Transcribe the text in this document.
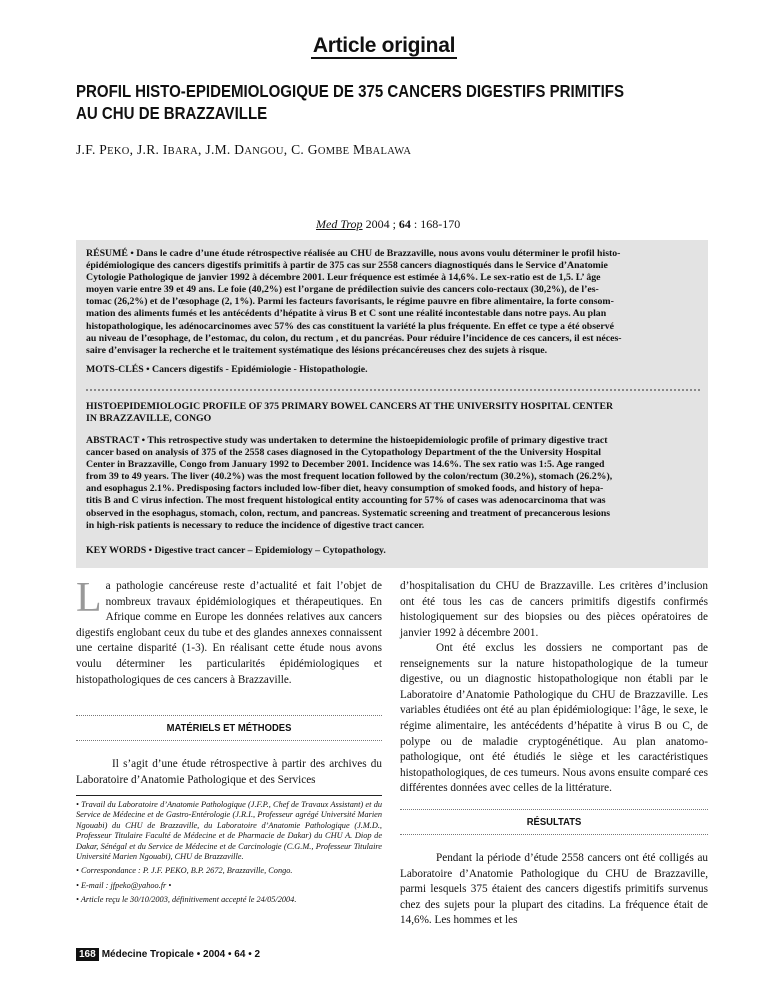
Article original
PROFIL HISTO-EPIDEMIOLOGIQUE DE 375 CANCERS DIGESTIFS PRIMITIFS
AU CHU DE BRAZZAVILLE
J.F. PEKO, J.R. IBARA, J.M. DANGOU, C. GOMBE MBALAWA
Med Trop 2004 ; 64 : 168-170
RÉSUMÉ • Dans le cadre d’une étude rétrospective réalisée au CHU de Brazzaville, nous avons voulu déterminer le profil histo-
épidémiologique des cancers digestifs primitifs à partir de 375 cas sur 2558 cancers diagnostiqués dans le Service d’Anatomie
Cytologie Pathologique de janvier 1992 à décembre 2001. Leur fréquence est estimée à 14,6%. Le sex-ratio est de 1,5. L’ âge
moyen varie entre 39 et 49 ans. Le foie (40,2%) est l’organe de prédilection suivie des cancers colo-rectaux (30,2%), de l’es-
tomac (26,2%) et de l’œsophage (2, 1%). Parmi les facteurs favorisants, le régime pauvre en fibre alimentaire, la forte consom-
mation des aliments fumés et les antécédents d’hépatite à virus B et C sont une réalité incontestable dans notre pays. Au plan
histopathologique, les adénocarcinomes avec 57% des cas constituent la variété la plus fréquente. En effet ce type a été observé
au niveau de l’œsophage, de l’estomac, du colon, du rectum , et du pancréas. Pour réduire l’incidence de ces cancers, il est néces-
saire d’envisager la recherche et le traitement systématique des lésions précancéreuses chez des sujets à risque.
MOTS-CLÉS • Cancers digestifs - Epidémiologie - Histopathologie.
HISTOEPIDEMIOLOGIC PROFILE OF 375 PRIMARY BOWEL CANCERS AT THE UNIVERSITY HOSPITAL CENTER
IN BRAZZAVILLE, CONGO
ABSTRACT • This retrospective study was undertaken to determine the histoepidemiologic profile of primary digestive tract
cancer based on analysis of 375 of the 2558 cases diagnosed in the Cytopathology Department of the the University Hospital
Center in Brazzaville, Congo from January 1992 to December 2001. Incidence was 14.6%. The sex ratio was 1:5. Age ranged
from 39 to 49 years. The liver (40.2%) was the most frequent location followed by the colon/rectum (30.2%), stomach (26.2%),
and esophagus 2.1%. Predisposing factors included low-fiber diet, heavy consumption of smoked foods, and history of hepa-
titis B and C virus infection. The most frequent histological entity accounting for 57% of cases was adenocarcinoma that was
observed in the esophagus, stomach, colon, rectum, and pancreas. Systematic screening and treatment of precancerous lesions
in high-risk patients is necessary to reduce the incidence of digestive tract cancer.
KEY WORDS • Digestive tract cancer – Epidemiology – Cytopathology.
La pathologie cancéreuse reste d’actualité et fait l’objet de nombreux travaux épidémiologiques et thérapeutiques. En Afrique comme en Europe les données relatives aux cancers digestifs englobant ceux du tube et des glandes annexes connaissent une certaine disparité (1-3). En réalisant cette étude nous avons voulu déterminer les particularités épidémiologiques et histopathologiques de ces cancers à Brazzaville.
MATÉRIELS ET MÉTHODES
Il s’agit d’une étude rétrospective à partir des archives du Laboratoire d’Anatomie Pathologique et des Services
• Travail du Laboratoire d’Anatomie Pathologique (J.F.P., Chef de Travaux Assistant) et du Service de Médecine et de Gastro-Entérologie (J.R.I., Professeur agrégé Université Marien Ngouabi) du CHU de Brazzaville, du Laboratoire d’Anatomie Pathologique (J.M.D., Professeur Titulaire Faculté de Médecine et de Pharmacie de Dakar) du CHU A. Diop de Dakar, Sénégal et du Service de Médecine et de Carcinologie (C.G.M., Professeur Titulaire Université Marien Ngouabi), CHU de Brazzaville.
• Correspondance : P. J.F. PEKO, B.P. 2672, Brazzaville, Congo.
• E-mail : jfpeko@yahoo.fr •
• Article reçu le 30/10/2003, définitivement accepté le 24/05/2004.
d’hospitalisation du CHU de Brazzaville. Les critères d’inclusion ont été tous les cas de cancers primitifs digestifs confirmés histologiquement sur des biopsies ou des pièces opératoires de janvier 1992 à décembre 2001.
Ont été exclus les dossiers ne comportant pas de renseignements sur la nature histopathologique de la tumeur digestive, ou un diagnostic histopathologique non établi par le Laboratoire d’Anatomie Pathologique du CHU de Brazzaville. Les variables étudiées ont été au plan épidémiologique: l’âge, le sexe, le régime alimentaire, les antécédents d’hépatite à virus B ou C, de polype ou de maladie cryptogénétique. Au plan anatomo-pathologique, ont été étudiés le siège et les caractéristiques histopathologiques, de ces tumeurs. Nous avons ensuite comparé ces différentes données avec celles de la littérature.
RÉSULTATS
Pendant la période d’étude 2558 cancers ont été colligés au Laboratoire d’Anatomie Pathologique du CHU de Brazzaville, parmi lesquels 375 étaient des cancers digestifs primitifs survenus chez des sujets pour la plupart des citadins. La fréquence était de 14,6%. Les hommes et les
168 Médecine Tropicale • 2004 • 64 • 2
